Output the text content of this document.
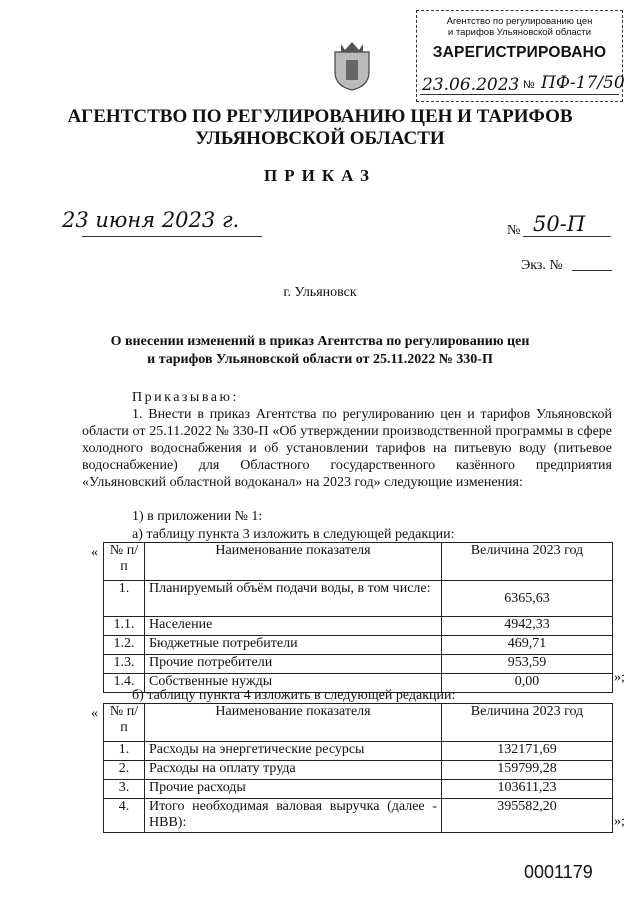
Агентство по регулированию цен
и тарифов Ульяновской области
ЗАРЕГИСТРИРОВАНО
23.06.2023 № ПФ-17/50
АГЕНТСТВО ПО РЕГУЛИРОВАНИЮ ЦЕН И ТАРИФОВ
УЛЬЯНОВСКОЙ ОБЛАСТИ
ПРИКАЗ
23 июня 2023 г.	№ 50-П
Экз. №
г. Ульяновск
О внесении изменений в приказ Агентства по регулированию цен
и тарифов Ульяновской области от 25.11.2022 № 330-П
Приказываю:
1. Внести в приказ Агентства по регулированию цен и тарифов Ульяновской области от 25.11.2022 № 330-П «Об утверждении производственной программы в сфере холодного водоснабжения и об установлении тарифов на питьевую воду (питьевое водоснабжение) для Областного государственного казённого предприятия «Ульяновский областной водоканал» на 2023 год» следующие изменения:
1) в приложении № 1:
а) таблицу пункта 3 изложить в следующей редакции:
« № п/п	Наименование показателя	Величина 2023 год
1.	Планируемый объём подачи воды, в том числе:	6365,63
1.1.	Население	4942,33
1.2.	Бюджетные потребители	469,71
1.3.	Прочие потребители	953,59
1.4.	Собственные нужды	0,00	»;
б) таблицу пункта 4 изложить в следующей редакции:
« № п/п	Наименование показателя	Величина 2023 год
1.	Расходы на энергетические ресурсы	132171,69
2.	Расходы на оплату труда	159799,28
3.	Прочие расходы	103611,23
4.	Итого необходимая валовая выручка (далее - НВВ):	395582,20
»;
0001179
